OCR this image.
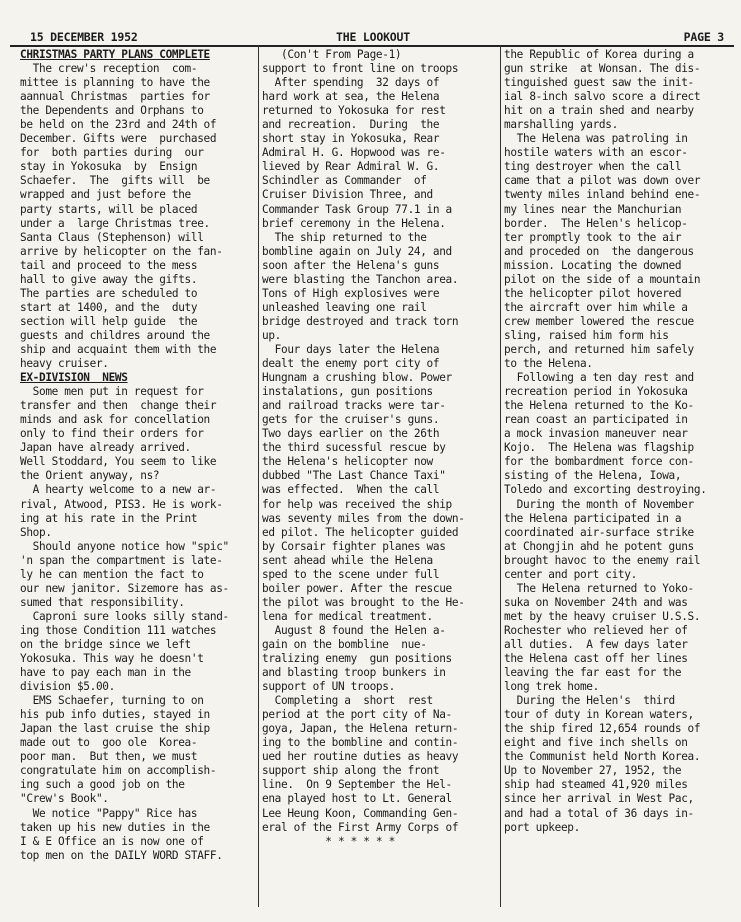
15 DECEMBER 1952	THE LOOKOUT	PAGE 3

CHRISTMAS PARTY PLANS COMPLETE

The crew's reception  com-

mittee is planning to have the

aannual Christmas  parties for

the Dependents and Orphans to

be held on the 23rd and 24th of

December. Gifts were  purchased

for  both parties during  our

stay in Yokosuka  by  Ensign

Schaefer.  The  gifts will  be

wrapped and just before the

party starts, will be placed

under a  large Christmas tree.

Santa Claus (Stephenson) will

arrive by helicopter on the fan-

tail and proceed to the mess

hall to give away the gifts.

The parties are scheduled to

start at 1400, and the  duty

section will help guide  the

guests and childres around the

ship and acquaint them with the

heavy cruiser.

EX-DIVISION  NEWS

Some men put in request for

transfer and then  change their

minds and ask for concellation

only to find their orders for

Japan have already arrived.

Well Stoddard, You seem to like

the Orient anyway, ns?

A hearty welcome to a new ar-

rival, Atwood, PIS3. He is work-

ing at his rate in the Print

Shop.

Should anyone notice how "spic"

'n span the compartment is late-

ly he can mention the fact to

our new janitor. Sizemore has as-

sumed that responsibility.

Caproni sure looks silly stand-

ing those Condition 111 watches

on the bridge since we left

Yokosuka. This way he doesn't

have to pay each man in the

division $5.00.

EMS Schaefer, turning to on

his pub info duties, stayed in

Japan the last cruise the ship

made out to  goo ole  Korea-

poor man.  But then, we must

congratulate him on accomplish-

ing such a good job on the

"Crew's Book".

We notice "Pappy" Rice has

taken up his new duties in the

I & E Office an is now one of

top men on the DAILY WORD STAFF.

(Con't From Page-1)

support to front line on troops

After spending  32 days of

hard work at sea, the Helena

returned to Yokosuka for rest

and recreation.  During  the

short stay in Yokosuka, Rear

Admiral H. G. Hopwood was re-

lieved by Rear Admiral W. G.

Schindler as Commander  of

Cruiser Division Three, and

Commander Task Group 77.1 in a

brief ceremony in the Helena.

The ship returned to the

bombline again on July 24, and

soon after the Helena's guns

were blasting the Tanchon area.

Tons of High explosives were

unleashed leaving one rail

bridge destroyed and track torn

up.

Four days later the Helena

dealt the enemy port city of

Hungnam a crushing blow. Power

instalations, gun positions

and railroad tracks were tar-

gets for the cruiser's guns.

Two days earlier on the 26th

the third sucessful rescue by

the Helena's helicopter now

dubbed "The Last Chance Taxi"

was effected.  When the call

for help was received the ship

was seventy miles from the down-

ed pilot. The helicopter guided

by Corsair fighter planes was

sent ahead while the Helena

sped to the scene under full

boiler power. After the rescue

the pilot was brought to the He-

lena for medical treatment.

August 8 found the Helen a-

gain on the bombline  nue-

tralizing enemy  gun positions

and blasting troop bunkers in

support of UN troops.

Completing a  short  rest

period at the port city of Na-

goya, Japan, the Helena return-

ing to the bombline and contin-

ued her routine duties as heavy

support ship along the front

line.  On 9 September the Hel-

ena played host to Lt. General

Lee Heung Koon, Commanding Gen-

eral of the First Army Corps of

* * * * * *

the Republic of Korea during a

gun strike  at Wonsan. The dis-

tinguished guest saw the init-

ial 8-inch salvo score a direct

hit on a train shed and nearby

marshalling yards.

The Helena was patroling in

hostile waters with an escor-

ting destroyer when the call

came that a pilot was down over

twenty miles inland behind ene-

my lines near the Manchurian

border.  The Helen's helicop-

ter promptly took to the air

and proceded on  the dangerous

mission. Locating the downed

pilot on the side of a mountain

the helicopter pilot hovered

the aircraft over him while a

crew member lowered the rescue

sling, raised him form his

perch, and returned him safely

to the Helena.

Following a ten day rest and

recreation period in Yokosuka

the Helena returned to the Ko-

rean coast an participated in

a mock invasion maneuver near

Kojo.  The Helena was flagship

for the bombardment force con-

sisting of the Helena, Iowa,

Toledo and excorting destroying.

During the month of November

the Helena participated in a

coordinated air-surface strike

at Chongjin ahd he potent guns

brought havoc to the enemy rail

center and port city.

The Helena returned to Yoko-

suka on November 24th and was

met by the heavy cruiser U.S.S.

Rochester who relieved her of

all duties.  A few days later

the Helena cast off her lines

leaving the far east for the

long trek home.

During the Helen's  third

tour of duty in Korean waters,

the ship fired 12,654 rounds of

eight and five inch shells on

the Communist held North Korea.

Up to November 27, 1952, the

ship had steamed 41,920 miles

since her arrival in West Pac,

and had a total of 36 days in-

port upkeep.
